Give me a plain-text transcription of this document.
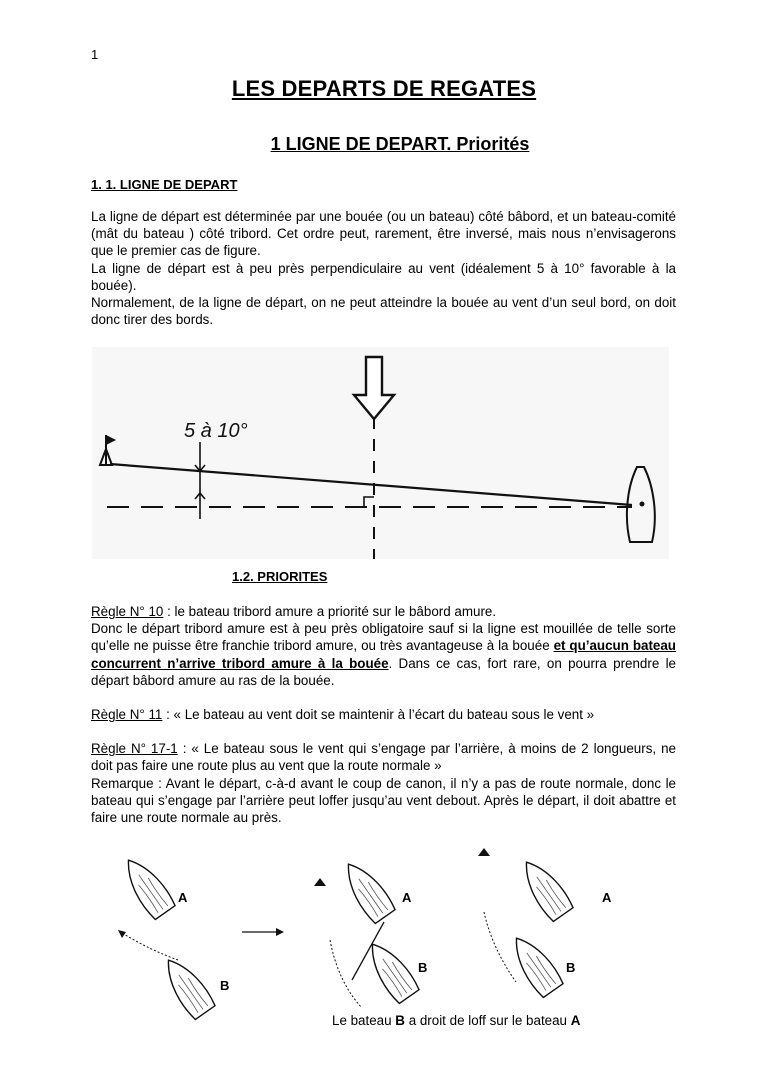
1
LES DEPARTS DE REGATES
1 LIGNE DE DEPART. Priorités
1. 1. LIGNE DE DEPART

La ligne de départ est déterminée par une bouée (ou un bateau) côté bâbord, et un bateau-comité (mât du bateau ) côté tribord. Cet ordre peut, rarement, être inversé, mais nous n’envisagerons que le premier cas de figure.

La ligne de départ est à peu près perpendiculaire au vent (idéalement 5 à 10° favorable à la bouée).

Normalement, de la ligne de départ, on ne peut atteindre la bouée au vent d’un seul bord, on doit donc tirer des bords.

5 à 10°
1.2. PRIORITES

Règle N° 10 : le bateau tribord amure a priorité sur le bâbord amure.

Donc le départ tribord amure est à peu près obligatoire sauf si la ligne est mouillée de telle sorte qu’elle ne puisse être franchie tribord amure, ou très avantageuse à la bouée et qu’aucun bateau concurrent n’arrive tribord amure à la bouée. Dans ce cas, fort rare, on pourra prendre le départ bâbord amure au ras de la bouée.

Règle N° 11 : « Le bateau au vent doit se maintenir à l’écart du bateau sous le vent »

Règle N° 17-1 : « Le bateau sous le vent qui s’engage par l’arrière, à moins de 2 longueurs, ne doit pas faire une route plus au vent que la route normale »

Remarque : Avant le départ, c-à-d avant le coup de canon, il n’y a pas de route normale, donc le bateau qui s’engage par l’arrière peut loffer jusqu’au vent debout. Après le départ, il doit abattre et faire une route normale au près.

A
B
A
B
A
B
Le bateau B a droit de loff sur le bateau A
